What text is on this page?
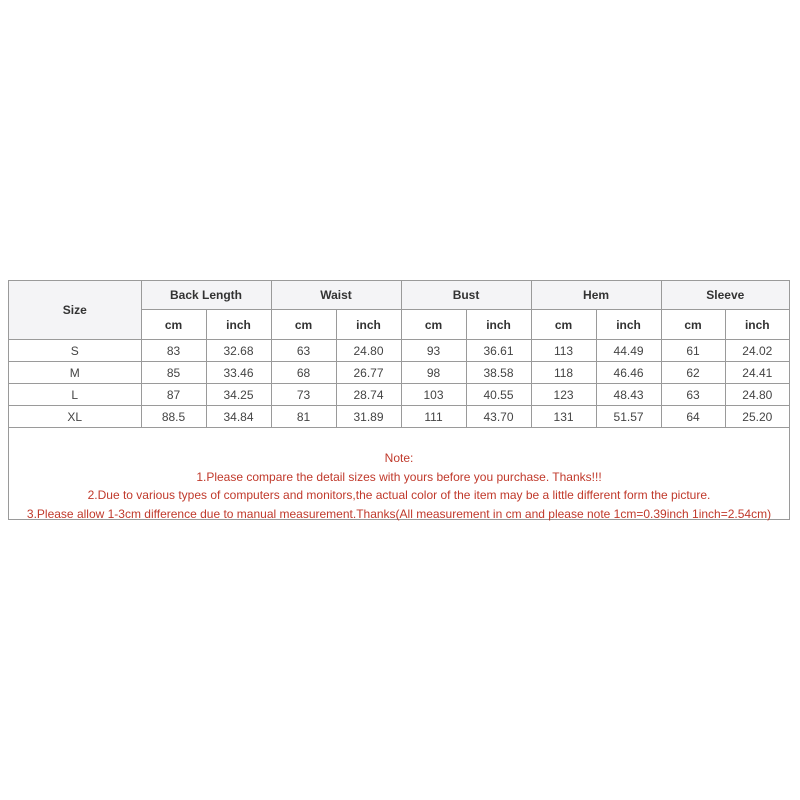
Size	Back Length		Waist		Bust		Hem		Sleeve	
	cm	inch	cm	inch	cm	inch	cm	inch	cm	inch
S	83	32.68	63	24.80	93	36.61	113	44.49	61	24.02
M	85	33.46	68	26.77	98	38.58	118	46.46	62	24.41
L	87	34.25	73	28.74	103	40.55	123	48.43	63	24.80
XL	88.5	34.84	81	31.89	111	43.70	131	51.57	64	25.20
Note:
1.Please compare the detail sizes with yours before you purchase. Thanks!!!
2.Due to various types of computers and monitors,the actual color of the item may be a little different form the picture.
3.Please allow 1-3cm difference due to manual measurement.Thanks(All measurement in cm and please note 1cm=0.39inch 1inch=2.54cm)
